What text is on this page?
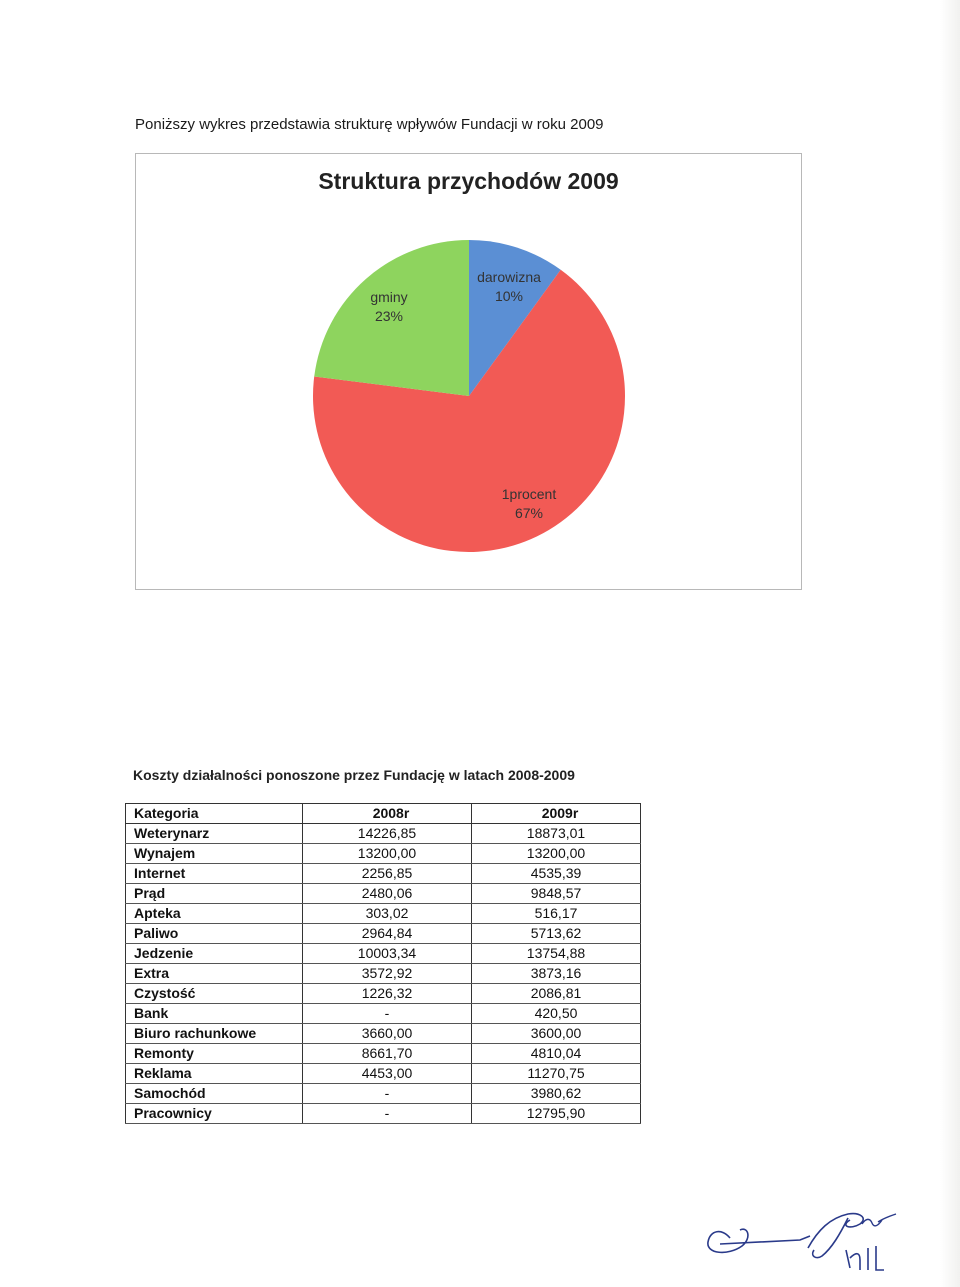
Poniższy wykres przedstawia strukturę wpływów Fundacji w roku 2009
Struktura przychodów 2009
darowizna
10%
1procent
67%
gminy
23%
Koszty działalności ponoszone przez Fundację w latach 2008-2009
Kategoria	2008r	2009r
Weterynarz	14226,85	18873,01
Wynajem	13200,00	13200,00
Internet	2256,85	4535,39
Prąd	2480,06	9848,57
Apteka	303,02	516,17
Paliwo	2964,84	5713,62
Jedzenie	10003,34	13754,88
Extra	3572,92	3873,16
Czystość	1226,32	2086,81
Bank	-	420,50
Biuro rachunkowe	3660,00	3600,00
Remonty	8661,70	4810,04
Reklama	4453,00	11270,75
Samochód	-	3980,62
Pracownicy	-	12795,90
